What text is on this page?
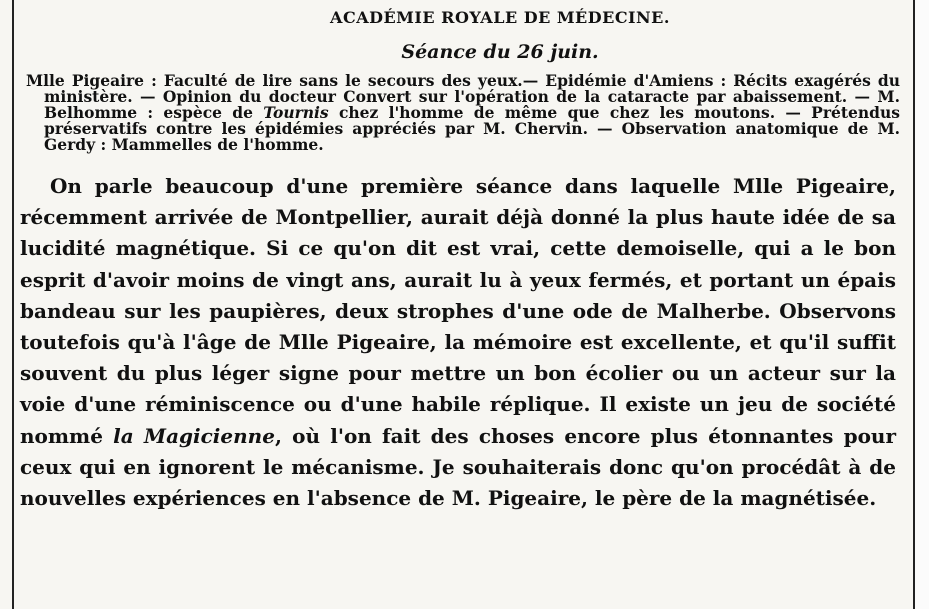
ACADÉMIE ROYALE DE MÉDECINE.
Séance du 26 juin.
Mlle Pigeaire : Faculté de lire sans le secours des yeux.— Epidémie d'Amiens : Récits exagérés du ministère. — Opinion du docteur Convert sur l'opération de la cataracte par abaissement. — M. Belhomme : espèce de Tournis chez l'homme de même que chez les moutons. — Prétendus préservatifs contre les épidémies appréciés par M. Chervin. — Observation anatomique de M. Gerdy : Mammelles de l'homme.

On parle beaucoup d'une première séance dans laquelle Mlle Pigeaire, récemment arrivée de Montpellier, aurait déjà donné la plus haute idée de sa lucidité magnétique. Si ce qu'on dit est vrai, cette demoiselle, qui a le bon esprit d'avoir moins de vingt ans, aurait lu à yeux fermés, et portant un épais bandeau sur les paupières, deux strophes d'une ode de Malherbe. Observons toutefois qu'à l'âge de Mlle Pigeaire, la mémoire est excellente, et qu'il suffit souvent du plus léger signe pour mettre un bon écolier ou un acteur sur la voie d'une réminiscence ou d'une habile réplique. Il existe un jeu de société nommé la Magicienne, où l'on fait des choses encore plus étonnantes pour ceux qui en ignorent le mécanisme. Je souhaiterais donc qu'on procédât à de nouvelles expériences en l'absence de M. Pigeaire, le père de la magnétisée.
